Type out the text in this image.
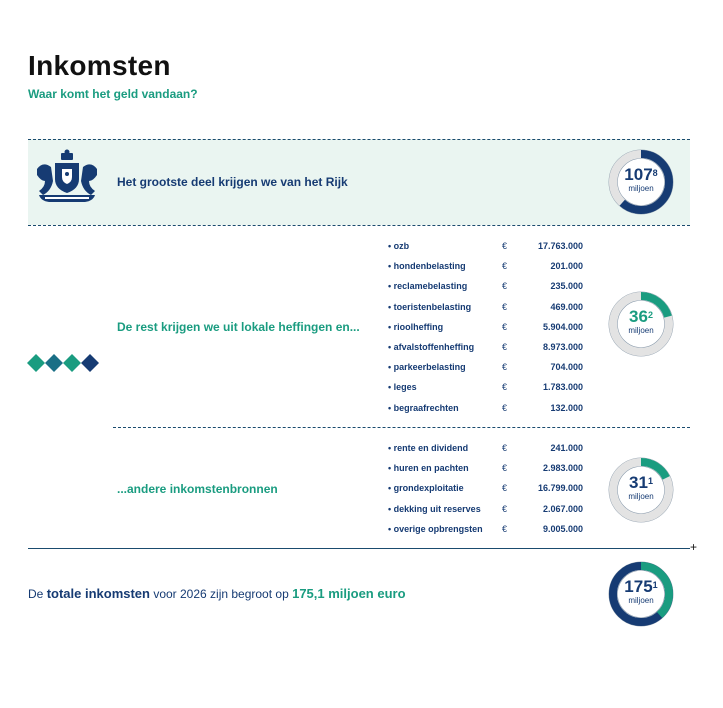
Inkomsten
Waar komt het geld vandaan?
+
Het grootste deel krijgen we van het Rijk	$107^8$
miljoen
De rest krijgen we uit lokale heffingen en...
• ozb	€	17.763.000
• hondenbelasting	€	201.000
• reclamebelasting	€	235.000
• toeristenbelasting	€	469.000
• rioolheffing	€	5.904.000
• afvalstoffenheffing	€	8.973.000
• parkeerbelasting	€	704.000
• leges	€	1.783.000
• begraafrechten	€	132.000
$36^2$
miljoen
...andere inkomstenbronnen
• rente en dividend	€	241.000
• huren en pachten	€	2.983.000
• grondexploitatie	€	16.799.000
• dekking uit reserves €	2.067.000
• overige opbrengsten €	9.005.000
$31^1$
miljoen
De totale inkomsten voor 2026 zijn begroot op 175,1 miljoen euro	$175^1$
miljoen
